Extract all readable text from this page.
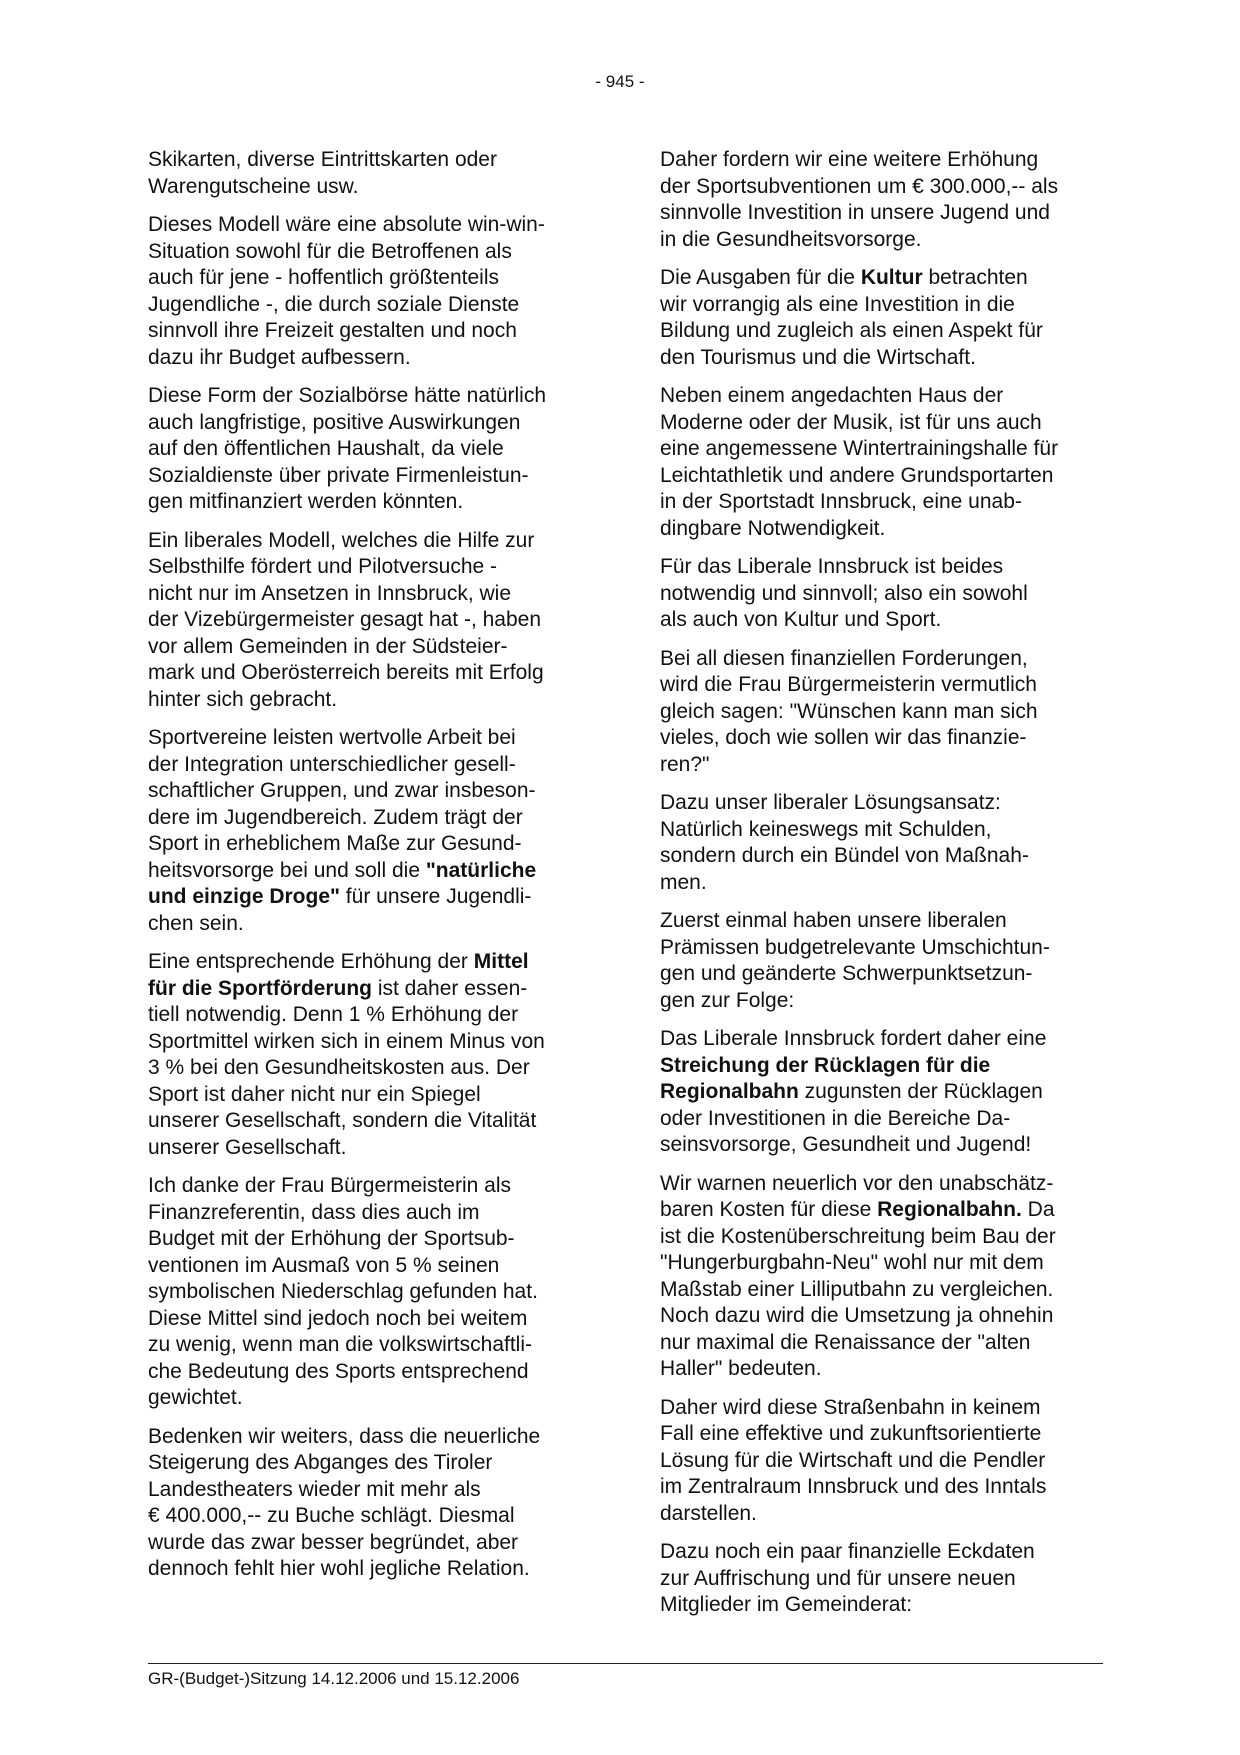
- 945 -

Skikarten, diverse Eintrittskarten oder
Warengutscheine usw.

Dieses Modell wäre eine absolute win-win-
Situation sowohl für die Betroffenen als
auch für jene - hoffentlich größtenteils
Jugendliche -, die durch soziale Dienste
sinnvoll ihre Freizeit gestalten und noch
dazu ihr Budget aufbessern.

Diese Form der Sozialbörse hätte natürlich
auch langfristige, positive Auswirkungen
auf den öffentlichen Haushalt, da viele
Sozialdienste über private Firmenleistun-
gen mitfinanziert werden könnten.

Ein liberales Modell, welches die Hilfe zur
Selbsthilfe fördert und Pilotversuche -
nicht nur im Ansetzen in Innsbruck, wie
der Vizebürgermeister gesagt hat -, haben
vor allem Gemeinden in der Südsteier-
mark und Oberösterreich bereits mit Erfolg
hinter sich gebracht.

Sportvereine leisten wertvolle Arbeit bei
der Integration unterschiedlicher gesell-
schaftlicher Gruppen, und zwar insbeson-
dere im Jugendbereich. Zudem trägt der
Sport in erheblichem Maße zur Gesund-
heitsvorsorge bei und soll die "natürliche
und einzige Droge" für unsere Jugendli-
chen sein.

Eine entsprechende Erhöhung der Mittel
für die Sportförderung ist daher essen-
tiell notwendig. Denn 1 % Erhöhung der
Sportmittel wirken sich in einem Minus von
3 % bei den Gesundheitskosten aus. Der
Sport ist daher nicht nur ein Spiegel
unserer Gesellschaft, sondern die Vitalität
unserer Gesellschaft.

Ich danke der Frau Bürgermeisterin als
Finanzreferentin, dass dies auch im
Budget mit der Erhöhung der Sportsub-
ventionen im Ausmaß von 5 % seinen
symbolischen Niederschlag gefunden hat.
Diese Mittel sind jedoch noch bei weitem
zu wenig, wenn man die volkswirtschaftli-
che Bedeutung des Sports entsprechend
gewichtet.

Bedenken wir weiters, dass die neuerliche
Steigerung des Abganges des Tiroler
Landestheaters wieder mit mehr als
€ 400.000,-- zu Buche schlägt. Diesmal
wurde das zwar besser begründet, aber
dennoch fehlt hier wohl jegliche Relation.

Daher fordern wir eine weitere Erhöhung
der Sportsubventionen um € 300.000,-- als
sinnvolle Investition in unsere Jugend und
in die Gesundheitsvorsorge.

Die Ausgaben für die Kultur betrachten
wir vorrangig als eine Investition in die
Bildung und zugleich als einen Aspekt für
den Tourismus und die Wirtschaft.

Neben einem angedachten Haus der
Moderne oder der Musik, ist für uns auch
eine angemessene Wintertrainingshalle für
Leichtathletik und andere Grundsportarten
in der Sportstadt Innsbruck, eine unab-
dingbare Notwendigkeit.

Für das Liberale Innsbruck ist beides
notwendig und sinnvoll; also ein sowohl
als auch von Kultur und Sport.

Bei all diesen finanziellen Forderungen,
wird die Frau Bürgermeisterin vermutlich
gleich sagen: "Wünschen kann man sich
vieles, doch wie sollen wir das finanzie-
ren?"

Dazu unser liberaler Lösungsansatz:
Natürlich keineswegs mit Schulden,
sondern durch ein Bündel von Maßnah-
men.

Zuerst einmal haben unsere liberalen
Prämissen budgetrelevante Umschichtun-
gen und geänderte Schwerpunktsetzun-
gen zur Folge:

Das Liberale Innsbruck fordert daher eine
Streichung der Rücklagen für die
Regionalbahn zugunsten der Rücklagen
oder Investitionen in die Bereiche Da-
seinsvorsorge, Gesundheit und Jugend!

Wir warnen neuerlich vor den unabschätz-
baren Kosten für diese Regionalbahn. Da
ist die Kostenüberschreitung beim Bau der
"Hungerburgbahn-Neu" wohl nur mit dem
Maßstab einer Lilliputbahn zu vergleichen.
Noch dazu wird die Umsetzung ja ohnehin
nur maximal die Renaissance der "alten
Haller" bedeuten.

Daher wird diese Straßenbahn in keinem
Fall eine effektive und zukunftsorientierte
Lösung für die Wirtschaft und die Pendler
im Zentralraum Innsbruck und des Inntals
darstellen.

Dazu noch ein paar finanzielle Eckdaten
zur Auffrischung und für unsere neuen
Mitglieder im Gemeinderat:

GR-(Budget-)Sitzung 14.12.2006 und 15.12.2006
